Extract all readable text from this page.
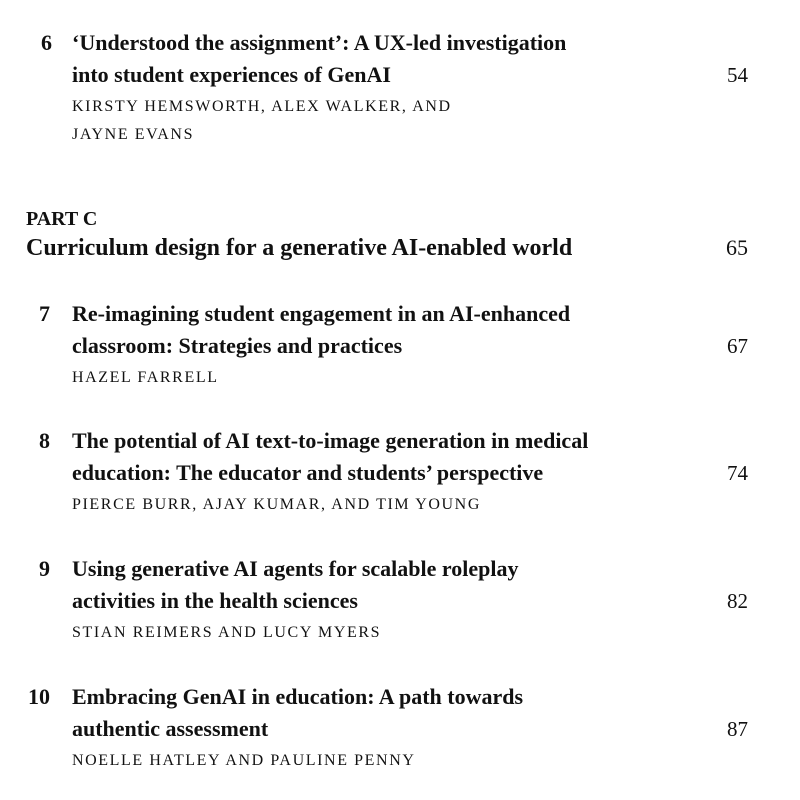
6 ‘Understood the assignment’: A UX-led investigation
into student experiences of GenAI	54
KIRSTY HEMSWORTH, ALEX WALKER, AND
JAYNE EVANS
PART C
Curriculum design for a generative AI-enabled world	65
7 Re-imagining student engagement in an AI-enhanced
classroom: Strategies and practices	67
HAZEL FARRELL
8 The potential of AI text-to-image generation in medical
education: The educator and students’ perspective	74
PIERCE BURR, AJAY KUMAR, AND TIM YOUNG
9 Using generative AI agents for scalable roleplay
activities in the health sciences	82
STIAN REIMERS AND LUCY MYERS
10 Embracing GenAI in education: A path towards
authentic assessment	87
NOELLE HATLEY AND PAULINE PENNY
